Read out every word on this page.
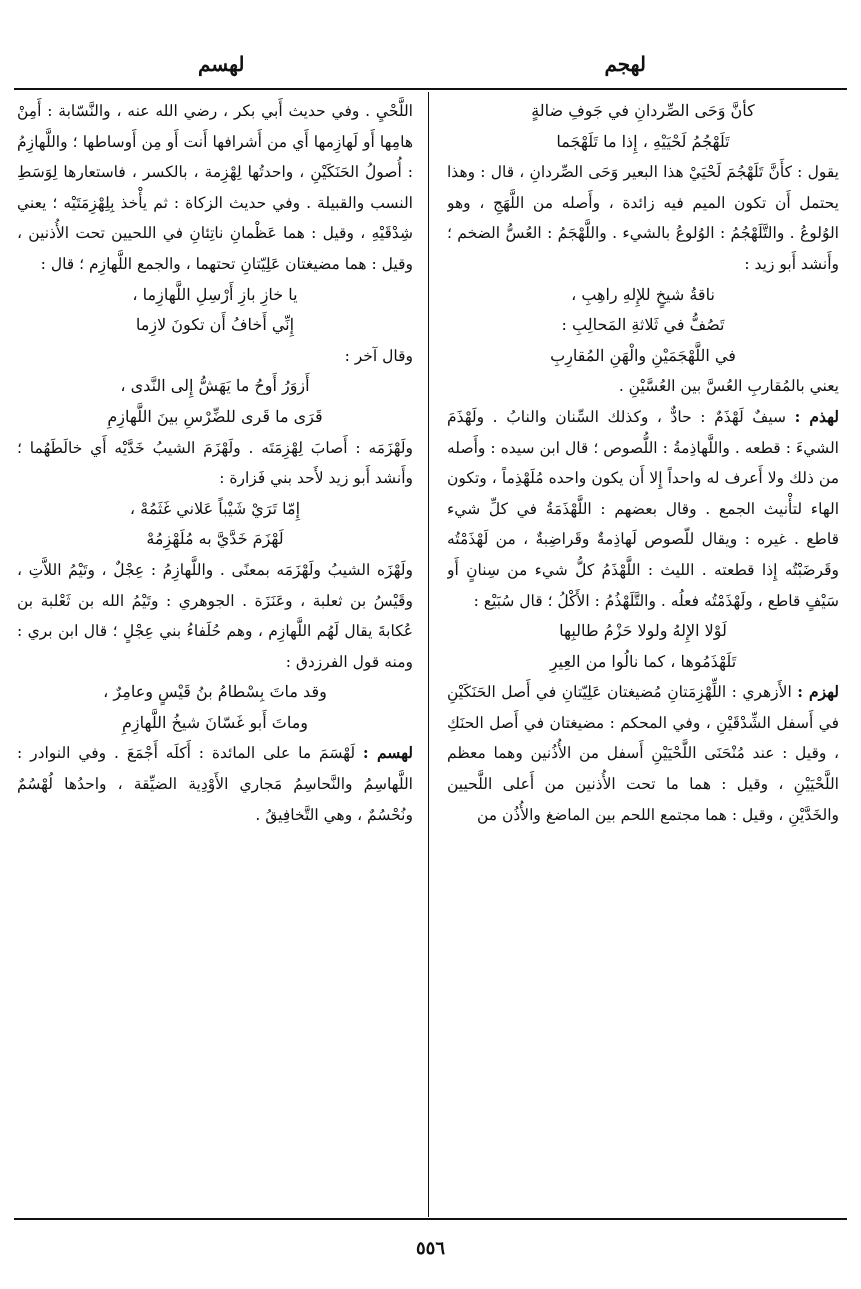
لهجم
لهسم

كأنَّ وَحَى الصِّردانِ في جَوفِ ضالةٍ

تَلَهْجُمُ لَحْيَيْهِ ، إِذا ما تَلَهْجَما

يقول : كأَنَّ تَلَهْجُمَ لَحْيَيْ هذا البعير وَحَى الصِّردانِ ، قال : وهذا يحتمل أَن تكون الميم فيه زائدة ، وأَصله من اللَّهَجِ ، وهو الوُلوعُ . والتَّلَهْجُمُ : الوُلوعُ بالشيء . واللَّهْجَمُ : العُسُّ الضخم ؛ وأَنشد أَبو زيد :

ناقةُ شيخٍ للإِلهِ راهِبِ ،

تَصُفُّ في ثَلاثةِ المَحالِبِ :

في اللَّهْجَمَيْنِ والْهَنِ المُقارِبِ

يعني بالمُقاربِ العُسَّ بين العُسَّيْنِ .

لهذم : سيفٌ لَهْذَمٌ : حادٌّ ، وكذلك السِّنان والنابُ . ولَهْذَمَ الشيءَ : قطعه . واللَّهاذِمةُ : اللُّصوص ؛ قال ابن سيده : وأَصله من ذلك ولا أَعرف له واحداً إِلا أَن يكون واحده مُلَهْذِماً ، وتكون الهاء لتأْنيث الجمع . وقال بعضهم : اللَّهْذَمَةُ في كلِّ شيء قاطع . غيره : ويقال للّصوص لَهاذِمةٌ وقَراضِبةٌ ، من لَهْذَمْتُه وقَرضَبْتُه إِذا قطعته . الليث : اللَّهْذَمُ كلُّ شيء من سِنانٍ أَو سَيْفٍ قاطع ، ولَهْذَمْتُه فعلُه . والتَّلَهْذُمُ : الأَكْلُ ؛ قال سُبَيْع :

لَوْلا الإِلهُ ولولا حَزْمُ طالبِها

تَلَهْذَمُوها ، كما نالُوا من العِيرِ

لهزم : الأَزهري : اللِّهْزِمَتانِ مُضيغتان عَلِيّتانِ في أَصل الحَنَكَيْنِ في أَسفل الشِّدْقَيْنِ ، وفي المحكم : مضيغتان في أَصل الحنَكِ ، وقيل : عند مُنْحَنَى اللَّحْيَيْنِ أَسفل من الأُذُنين وهما معظم اللَّحْيَيْنِ ، وقيل : هما ما تحت الأُذنين من أَعلى اللَّحيين والخَدَّيْنِ ، وقيل : هما مجتمع اللحم بين الماضغ والأُذُن من

اللَّحْيِ . وفي حديث أَبي بكر ، رضي الله عنه ، والنَّسّابة : أَمِنْ هامِها أَو لَهازِمها أَي من أَشرافها أَنت أَو مِن أَوساطها ؛ واللَّهازِمُ : أُصولُ الحَنَكَيْنِ ، واحدتُها لِهْزِمة ، بالكسر ، فاستعارها لِوَسَطِ النسب والقبيلة . وفي حديث الزكاة : ثم يأْخذ بِلِهْزِمَتَيْه ؛ يعني شِدْقَيْهِ ، وقيل : هما عَظْمانِ ناتِئانِ في اللحيين تحت الأُذنين ، وقيل : هما مضيغتان عَلِيّتانِ تحتهما ، والجمع اللَّهازِم ؛ قال :

يا خازِ بازِ أَرْسِلِ اللَّهازِما ،

إِنِّي أَخافُ أَن تكونَ لازِما

وقال آخر :

أَزوَرُ أَوحُ ما يَهَشُّ إِلى النَّدى ،

قَرَى ما قَرى للضِّرْسِ بينَ اللَّهازِمِ

ولَهْزَمَه : أَصابَ لِهْزِمَتَه . ولَهْزَمَ الشيبُ خَدَّيْه أَي خالَطَهُما ؛ وأَنشد أَبو زيد لأَحد بني فَزارة :

إِمّا تَرَيْ شَيْباً عَلاني غَثَمُهْ ،

لَهْزَمَ خَدَّيَّ به مُلَهْزِمُهْ

ولَهْزَه الشيبُ ولَهْزَمَه بمعنًى . واللَّهازِمُ : عِجْلٌ ، وتَيْمُ اللاَّتِ ، وقَيْسُ بن ثعلبة ، وعَنَزَة . الجوهري : وتَيْمُ الله بن ثَعْلبة بن عُكابةَ يقال لَهُم اللَّهازِم ، وهم حُلَفاءُ بني عِجْلٍ ؛ قال ابن بري : ومنه قول الفرزدق :

وقد ماتَ بِسْطامُ بنُ قَيْسٍ وعامِرٌ ،

وماتَ أَبو غَسّانَ شيخُ اللَّهازِمِ

لهسم : لَهْسَمَ ما على المائدة : أَكلَه أَجْمَعَ . وفي النوادر : اللَّهاسِمُ والنَّحاسِمُ مَجاري الأَوْدِية الضيِّقة ، واحدُها لُهْسُمٌ ونُحْسُمٌ ، وهي التَّخافِيقُ .

٥٥٦
